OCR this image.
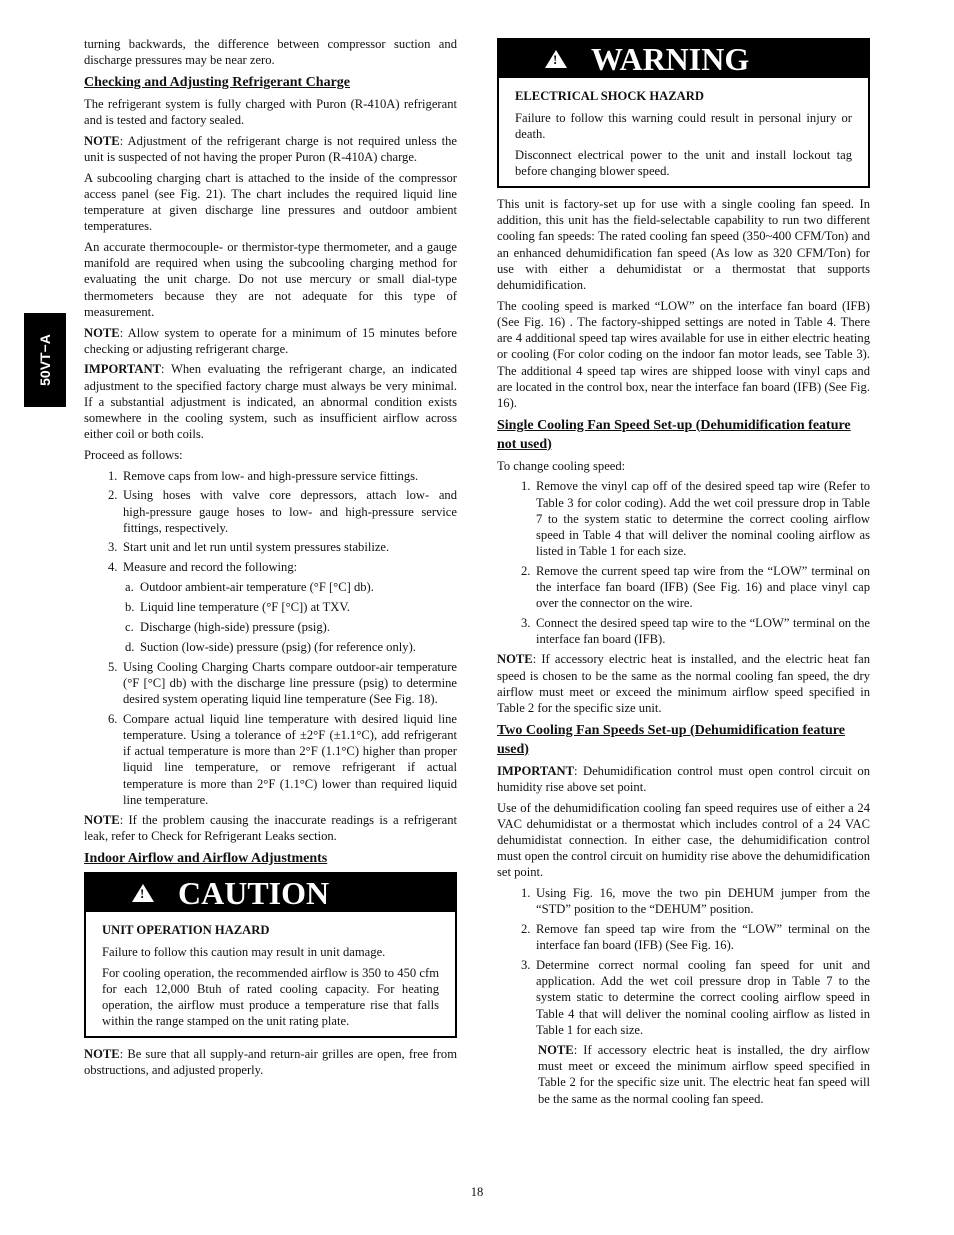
50VT−A

turning backwards, the difference between compressor suction and discharge pressures may be near zero.

Checking and Adjusting Refrigerant Charge

The refrigerant system is fully charged with Puron (R‑410A) refrigerant and is tested and factory sealed.

NOTE: Adjustment of the refrigerant charge is not required unless the unit is suspected of not having the proper Puron (R‑410A) charge.

A subcooling charging chart is attached to the inside of the compressor access panel (see Fig. 21). The chart includes the required liquid line temperature at given discharge line pressures and outdoor ambient temperatures.

An accurate thermocouple‑ or thermistor‑type thermometer, and a gauge manifold are required when using the subcooling charging method for evaluating the unit charge. Do not use mercury or small dial‑type thermometers because they are not adequate for this type of measurement.

NOTE: Allow system to operate for a minimum of 15 minutes before checking or adjusting refrigerant charge.

IMPORTANT: When evaluating the refrigerant charge, an indicated adjustment to the specified factory charge must always be very minimal. If a substantial adjustment is indicated, an abnormal condition exists somewhere in the cooling system, such as insufficient airflow across either coil or both coils.

Proceed as follows:

1. Remove caps from low‑ and high‑pressure service fittings.
2. Using hoses with valve core depressors, attach low‑ and high‑pressure gauge hoses to low‑ and high‑pressure service fittings, respectively.
3. Start unit and let run until system pressures stabilize.
4. Measure and record the following:
a. Outdoor ambient‑air temperature (°F [°C] db).
b. Liquid line temperature (°F [°C]) at TXV.
c. Discharge (high‑side) pressure (psig).
d. Suction (low‑side) pressure (psig) (for reference only).
5. Using Cooling Charging Charts compare outdoor‑air temperature (°F [°C] db) with the discharge line pressure (psig) to determine desired system operating liquid line temperature (See Fig. 18).
6. Compare actual liquid line temperature with desired liquid line temperature. Using a tolerance of ±2°F (±1.1°C), add refrigerant if actual temperature is more than 2°F (1.1°C) higher than proper liquid line temperature, or remove refrigerant if actual temperature is more than 2°F (1.1°C) lower than required liquid line temperature.

NOTE: If the problem causing the inaccurate readings is a refrigerant leak, refer to Check for Refrigerant Leaks section.

Indoor Airflow and Airflow Adjustments
! CAUTION
UNIT OPERATION HAZARD

Failure to follow this caution may result in unit damage.

For cooling operation, the recommended airflow is 350 to 450 cfm for each 12,000 Btuh of rated cooling capacity. For heating operation, the airflow must produce a temperature rise that falls within the range stamped on the unit rating plate.

NOTE: Be sure that all supply‑and return‑air grilles are open, free from obstructions, and adjusted properly.

! WARNING
ELECTRICAL SHOCK HAZARD

Failure to follow this warning could result in personal injury or death.

Disconnect electrical power to the unit and install lockout tag before changing blower speed.

This unit is factory‑set up for use with a single cooling fan speed. In addition, this unit has the field‑selectable capability to run two different cooling fan speeds: The rated cooling fan speed (350~400 CFM/Ton) and an enhanced dehumidification fan speed (As low as 320 CFM/Ton) for use with either a dehumidistat or a thermostat that supports dehumidification.

The cooling speed is marked “LOW” on the interface fan board (IFB) (See Fig. 16) . The factory‑shipped settings are noted in Table 4. There are 4 additional speed tap wires available for use in either electric heating or cooling (For color coding on the indoor fan motor leads, see Table 3). The additional 4 speed tap wires are shipped loose with vinyl caps and are located in the control box, near the interface fan board (IFB) (See Fig. 16).

Single Cooling Fan Speed Set‑up (Dehumidification feature not used)

To change cooling speed:

1. Remove the vinyl cap off of the desired speed tap wire (Refer to Table 3 for color coding). Add the wet coil pressure drop in Table 7 to the system static to determine the correct cooling airflow speed in Table 4 that will deliver the nominal cooling airflow as listed in Table 1 for each size.
2. Remove the current speed tap wire from the “LOW” terminal on the interface fan board (IFB) (See Fig. 16) and place vinyl cap over the connector on the wire.
3. Connect the desired speed tap wire to the “LOW” terminal on the interface fan board (IFB).

NOTE: If accessory electric heat is installed, and the electric heat fan speed is chosen to be the same as the normal cooling fan speed, the dry airflow must meet or exceed the minimum airflow speed specified in Table 2 for the specific size unit.

Two Cooling Fan Speeds Set‑up (Dehumidification feature used)

IMPORTANT: Dehumidification control must open control circuit on humidity rise above set point.

Use of the dehumidification cooling fan speed requires use of either a 24 VAC dehumidistat or a thermostat which includes control of a 24 VAC dehumidistat connection. In either case, the dehumidification control must open the control circuit on humidity rise above the dehumidification set point.

1. Using Fig. 16, move the two pin DEHUM jumper from the “STD” position to the “DEHUM” position.
2. Remove fan speed tap wire from the “LOW” terminal on the interface fan board (IFB) (See Fig. 16).
3. Determine correct normal cooling fan speed for unit and application. Add the wet coil pressure drop in Table 7 to the system static to determine the correct cooling airflow speed in Table 4 that will deliver the nominal cooling airflow as listed in Table 1 for each size.

NOTE: If accessory electric heat is installed, the dry airflow must meet or exceed the minimum airflow speed specified in Table 2 for the specific size unit. The electric heat fan speed will be the same as the normal cooling fan speed.

18
